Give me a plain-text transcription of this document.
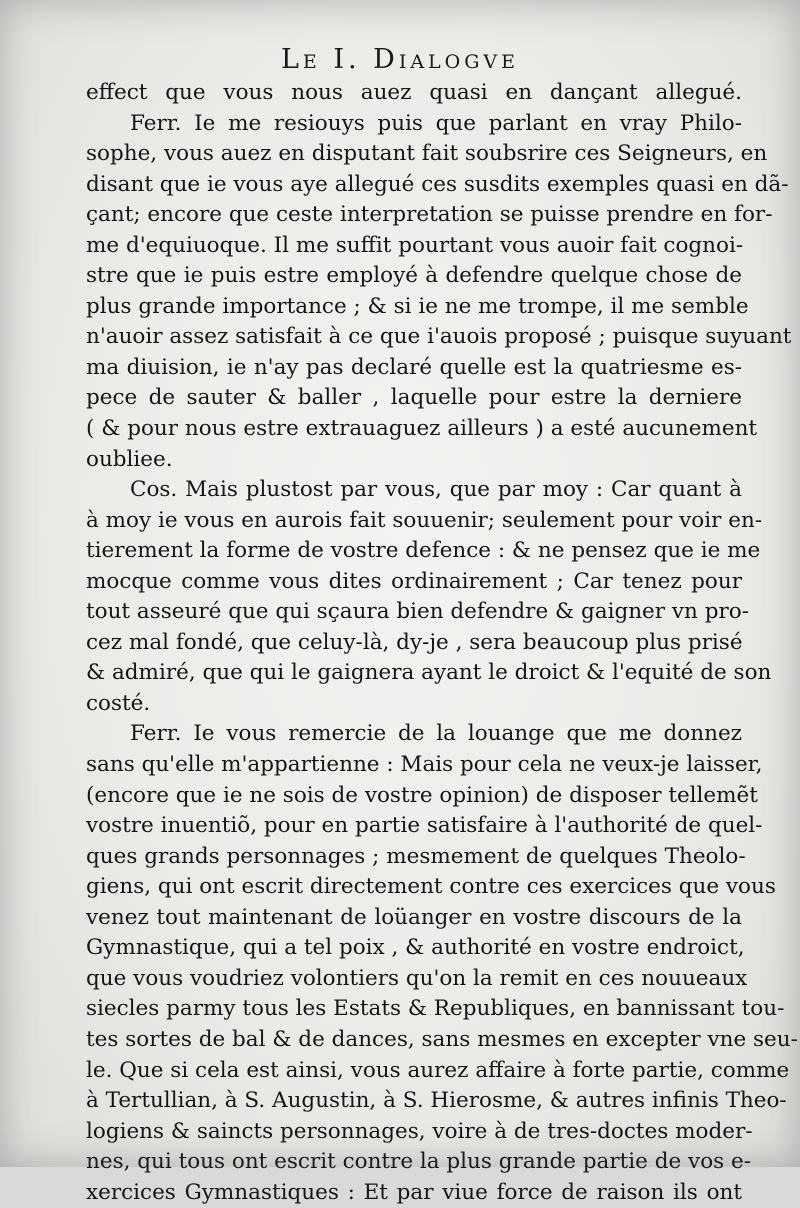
Le I. Dialogve
effect que vous nous auez quasi en dançant allegué.
Ferr. Ie me resiouys puis que parlant en vray Philo-
sophe, vous auez en disputant fait soubsrire ces Seigneurs, en
disant que ie vous aye allegué ces susdits exemples quasi en dã-
çant; encore que ceste interpretation se puisse prendre en for-
me d'equiuoque. Il me suffit pourtant vous auoir fait cognoi-
stre que ie puis estre employé à defendre quelque chose de
plus grande importance ; & si ie ne me trompe, il me semble
n'auoir assez satisfait à ce que i'auois proposé ; puisque suyuant
ma diuision, ie n'ay pas declaré quelle est la quatriesme es-
pece de sauter & baller , laquelle pour estre la derniere
( & pour nous estre extrauaguez ailleurs ) a esté aucunement
oubliee.
Cos. Mais plustost par vous, que par moy : Car quant à
à moy ie vous en aurois fait souuenir; seulement pour voir en-
tierement la forme de vostre defence : & ne pensez que ie me
mocque comme vous dites ordinairement ; Car tenez pour
tout asseuré que qui sçaura bien defendre & gaigner vn pro-
cez mal fondé, que celuy-là, dy-je , sera beaucoup plus prisé
& admiré, que qui le gaignera ayant le droict & l'equité de son
costé.
Ferr. Ie vous remercie de la louange que me donnez
sans qu'elle m'appartienne : Mais pour cela ne veux-je laisser,
(encore que ie ne sois de vostre opinion) de disposer tellemẽt
vostre inuentiõ, pour en partie satisfaire à l'authorité de quel-
ques grands personnages ; mesmement de quelques Theolo-
giens, qui ont escrit directement contre ces exercices que vous
venez tout maintenant de loüanger en vostre discours de la
Gymnastique, qui a tel poix , & authorité en vostre endroict,
que vous voudriez volontiers qu'on la remit en ces nouueaux
siecles parmy tous les Estats & Republiques, en bannissant tou-
tes sortes de bal & de dances, sans mesmes en excepter vne seu-
le. Que si cela est ainsi, vous aurez affaire à forte partie, comme
à Tertullian, à S. Augustin, à S. Hierosme, & autres infinis Theo-
logiens & saincts personnages, voire à de tres-doctes moder-
nes, qui tous ont escrit contre la plus grande partie de vos e-
xercices Gymnastiques : Et par viue force de raison ils ont
